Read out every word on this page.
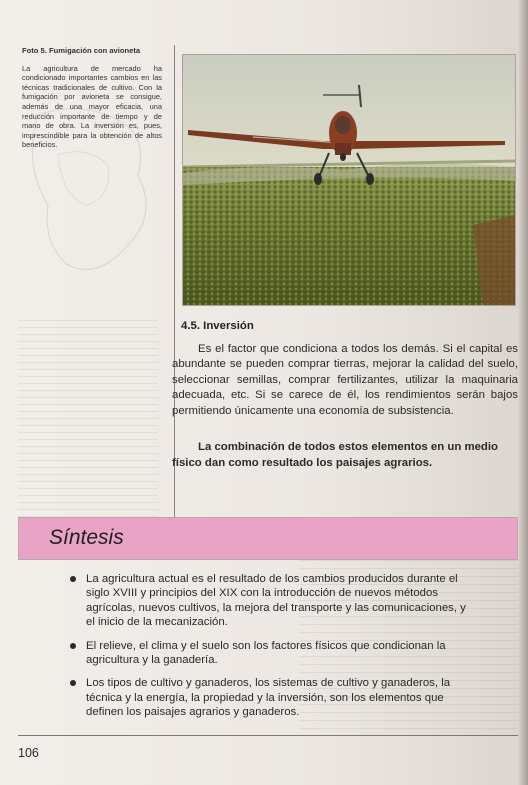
Foto 5. Fumigación con avioneta
La agricultura de mercado ha condicionado importantes cambios en las técnicas tradicionales de cultivo. Con la fumigación por avioneta se consigue, además de una mayor eficacia, una reducción importante de tiempo y de mano de obra. La inversión es, pues, imprescindible para la obtención de altos beneficios.
4.5. Inversión
Es el factor que condiciona a todos los demás. Si el capital es abundante se pueden comprar tierras, mejorar la calidad del suelo, seleccionar semillas, comprar fertilizantes, utilizar la maquinaria adecuada, etc. Si se carece de él, los rendimientos serán bajos permitiendo únicamente una economía de subsistencia.
La combinación de todos estos elementos en un medio físico dan como resultado los paisajes agrarios.
Síntesis
La agricultura actual es el resultado de los cambios producidos durante el siglo XVIII y principios del XIX con la introducción de nuevos métodos agrícolas, nuevos cultivos, la mejora del transporte y las comunicaciones, y el inicio de la mecanización.
El relieve, el clima y el suelo son los factores físicos que condicionan la agricultura y la ganadería.
Los tipos de cultivo y ganaderos, los sistemas de cultivo y ganaderos, la técnica y la energía, la propiedad y la inversión, son los elementos que definen los paisajes agrarios y ganaderos.
106
